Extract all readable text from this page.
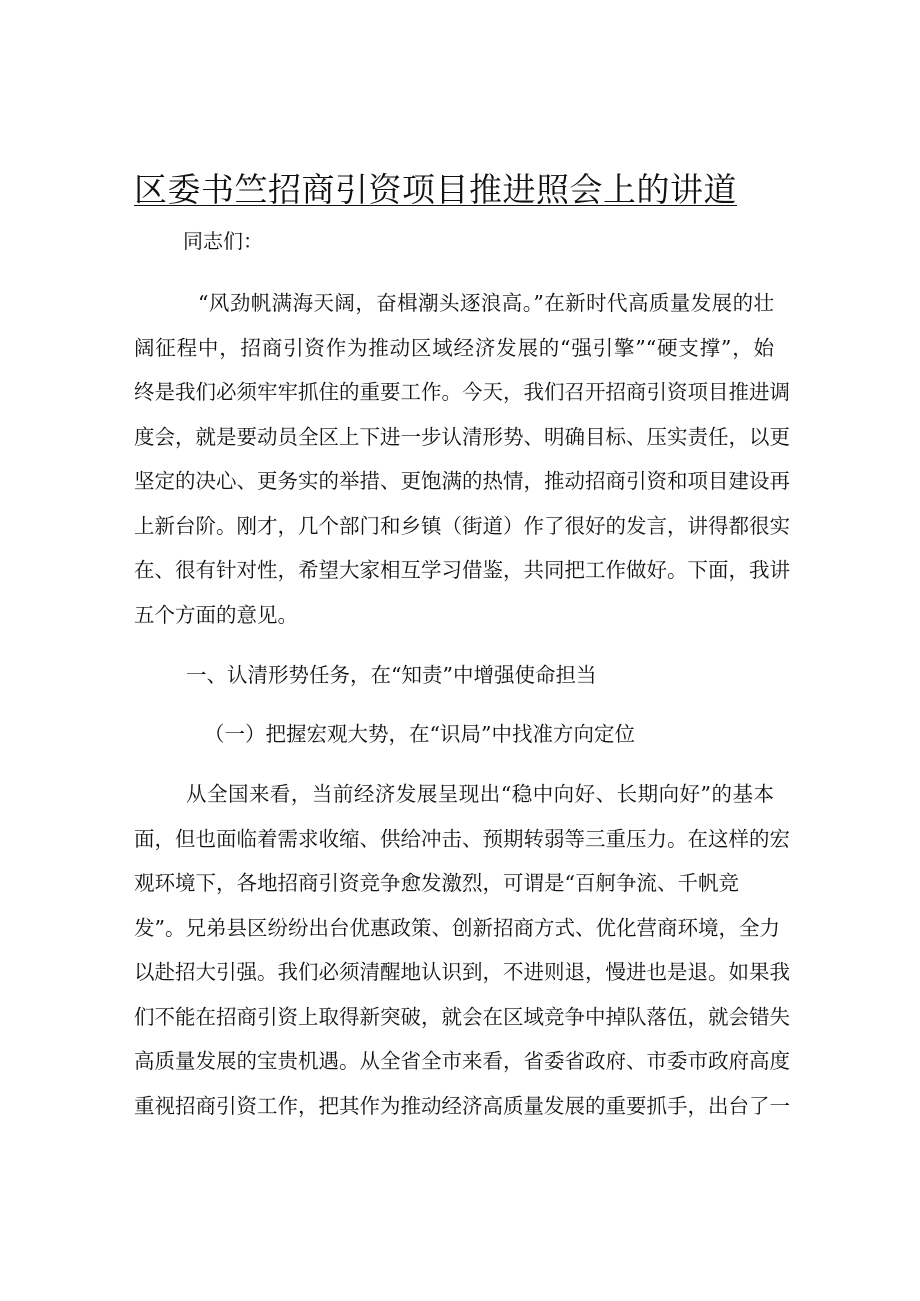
区委书竺招商引资项目推进照会上的讲道

同志们：

“风劲帆满海天阔，奋楫潮头逐浪高。”在新时代高质量发展的壮
阔征程中，招商引资作为推动区域经济发展的“强引擎”“硬支撑”，始
终是我们必须牢牢抓住的重要工作。今天，我们召开招商引资项目推进调
度会，就是要动员全区上下进一步认清形势、明确目标、压实责任，以更
坚定的决心、更务实的举措、更饱满的热情，推动招商引资和项目建设再
上新台阶。刚才，几个部门和乡镇（街道）作了很好的发言，讲得都很实
在、很有针对性，希望大家相互学习借鉴，共同把工作做好。下面，我讲
五个方面的意见。

一、认清形势任务，在“知责”中增强使命担当

（一）把握宏观大势，在“识局”中找准方向定位

从全国来看，当前经济发展呈现出“稳中向好、长期向好”的基本
面，但也面临着需求收缩、供给冲击、预期转弱等三重压力。在这样的宏
观环境下，各地招商引资竞争愈发激烈，可谓是“百舸争流、千帆竞
发”。兄弟县区纷纷出台优惠政策、创新招商方式、优化营商环境，全力
以赴招大引强。我们必须清醒地认识到，不进则退，慢进也是退。如果我
们不能在招商引资上取得新突破，就会在区域竞争中掉队落伍，就会错失
高质量发展的宝贵机遇。从全省全市来看，省委省政府、市委市政府高度
重视招商引资工作，把其作为推动经济高质量发展的重要抓手，出台了一
